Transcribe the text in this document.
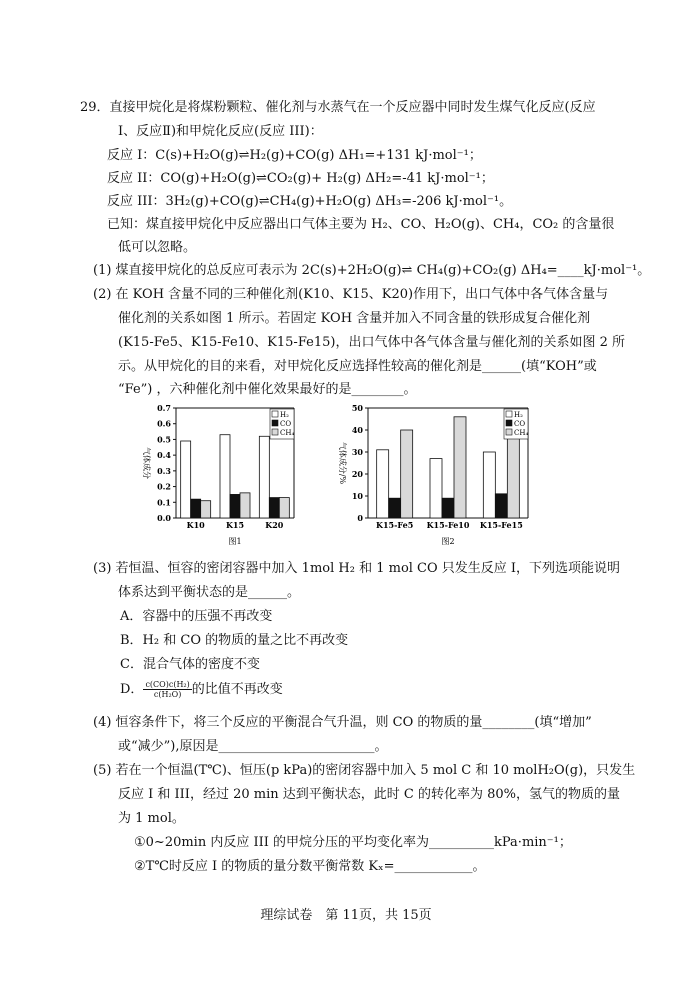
29．直接甲烷化是将煤粉颗粒、催化剂与水蒸气在一个反应器中同时发生煤气化反应(反应
Ⅰ、反应Ⅱ)和甲烷化反应(反应 III)：
反应 I：C(s)+H₂O(g)⇌H₂(g)+CO(g) ΔH₁=+131 kJ·mol⁻¹；
反应 II：CO(g)+H₂O(g)⇌CO₂(g)+ H₂(g) ΔH₂=-41 kJ·mol⁻¹；
反应 III：3H₂(g)+CO(g)⇌CH₄(g)+H₂O(g) ΔH₃=-206 kJ·mol⁻¹。
已知：煤直接甲烷化中反应器出口气体主要为 H₂、CO、H₂O(g)、CH₄，CO₂ 的含量很
低可以忽略。
(1) 煤直接甲烷化的总反应可表示为 2C(s)+2H₂O(g)⇌ CH₄(g)+CO₂(g) ΔH₄=____kJ·mol⁻¹。
(2) 在 KOH 含量不同的三种催化剂(K10、K15、K20)作用下，出口气体中各气体含量与
催化剂的关系如图 1 所示。若固定 KOH 含量并加入不同含量的铁形成复合催化剂
(K15-Fe5、K15-Fe10、K15-Fe15)，出口气体中各气体含量与催化剂的关系如图 2 所
示。从甲烷化的目的来看，对甲烷化反应选择性较高的催化剂是______(填“KOH”或
“Fe”) ，六种催化剂中催化效果最好的是________。
0.0
0.1
0.2
0.3
0.4
0.5
0.6
0.7
气体成分
K10	K15	K20
H₂
CO
CH₄
图1
0
10
20
30
40
50
气体成分/%
K15-Fe5 K15-Fe10 K15-Fe15
H₂
CO
CH₄
图2
(3) 若恒温、恒容的密闭容器中加入 1mol H₂ 和 1 mol CO 只发生反应 I，下列选项能说明
体系达到平衡状态的是______。
A．容器中的压强不再改变
B．H₂ 和 CO 的物质的量之比不再改变
C．混合气体的密度不变
D． $\frac{\text{c(CO)c(H₂)}}{\text{c(H₂O)}}$ 的比值不再改变
(4) 恒容条件下，将三个反应的平衡混合气升温，则 CO 的物质的量________(填“增加”
或“减少”),原因是________________________。
(5) 若在一个恒温(T℃)、恒压(p kPa)的密闭容器中加入 5 mol C 和 10 molH₂O(g)，只发生
反应 I 和 III，经过 20 min 达到平衡状态，此时 C 的转化率为 80%，氢气的物质的量
为 1 mol。
①0~20min 内反应 III 的甲烷分压的平均变化率为__________kPa·min⁻¹；
②T℃时反应 I 的物质的量分数平衡常数 Kₓ=____________。
理综试卷　第 11页，共 15页
